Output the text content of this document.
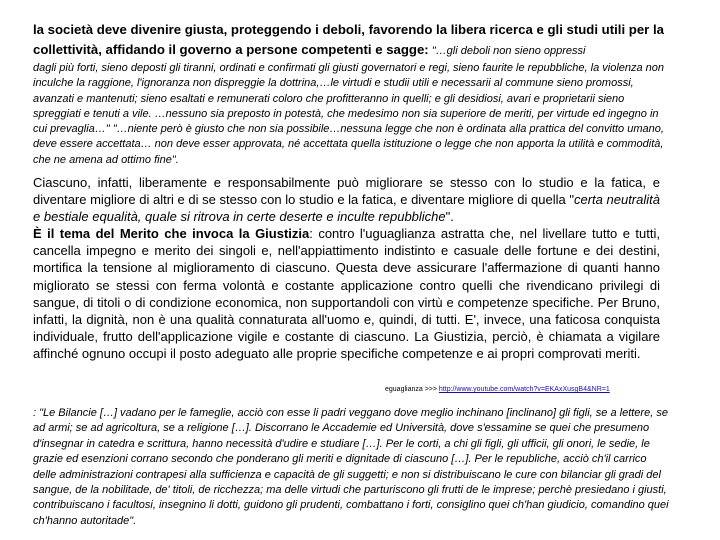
la società deve divenire giusta, proteggendo i deboli, favorendo la libera ricerca e gli studi utili per la collettività, affidando il governo a persone competenti e sagge: "…gli deboli non sieno oppressi
dagli più forti, sieno deposti gli tiranni, ordinati e confirmati gli giusti governatori e regi, sieno faurite le repubbliche, la violenza non inculche la raggione, l'ignoranza non dispreggie la dottrina,…le virtudi e studii utili e necessarii al commune sieno promossi, avanzati e mantenuti; sieno esaltati e remunerati coloro che profitteranno in quelli; e gli desidiosi, avari e proprietarii sieno spreggiati e tenuti a vile. …nessuno sia preposto in potestà, che medesimo non sia superiore de meriti, per virtude ed ingegno in cui prevaglia…" "…niente però è giusto che non sia possibile…nessuna legge che non è ordinata alla prattica del convitto umano, deve essere accettata… non deve esser approvata, né accettata quella istituzione o legge che non apporta la utilità e commodità, che ne amena ad ottimo fine".
Ciascuno, infatti, liberamente e responsabilmente può migliorare se stesso con lo studio e la fatica, e diventare migliore di altri e di se stesso con lo studio e la fatica, e diventare migliore di quella "certa neutralità e bestiale equalità, quale si ritrova in certe deserte e inculte repubbliche".
È il tema del Merito che invoca la Giustizia: contro l'uguaglianza astratta che, nel livellare tutto e tutti, cancella impegno e merito dei singoli e, nell'appiattimento indistinto e casuale delle fortune e dei destini, mortifica la tensione al miglioramento di ciascuno. Questa deve assicurare l'affermazione di quanti hanno migliorato se stessi con ferma volontà e costante applicazione contro quelli che rivendicano privilegi di sangue, di titoli o di condizione economica, non supportandoli con virtù e competenze specifiche. Per Bruno, infatti, la dignità, non è una qualità connaturata all'uomo e, quindi, di tutti. E', invece, una faticosa conquista individuale, frutto dell'applicazione vigile e costante di ciascuno. La Giustizia, perciò, è chiamata a vigilare affinché ognuno occupi il posto adeguato alle proprie specifiche competenze e ai propri comprovati meriti.
eguaglianza >>> http://www.youtube.com/watch?v=EKAxXusgB4&NR=1
: "Le Bilancie […] vadano per le fameglie, acciò con esse li padri veggano dove meglio inchinano [inclinano] gli figli, se a lettere, se ad armi; se ad agricoltura, se a religione […]. Discorrano le Accademie ed Università, dove s'essamine se quei che presumeno d'insegnar in catedra e scrittura, hanno necessità d'udire e studiare […]. Per le corti, a chi gli figli, gli ufficii, gli onori, le sedie, le grazie ed esenzioni corrano secondo che ponderano gli meriti e dignitade di ciascuno […]. Per le republiche, acciò ch'il carrico delle administrazioni contrapesi alla sufficienza e capacità de gli suggetti; e non si distribuiscano le cure con bilanciar gli gradi del sangue, de la nobilitade, de' titoli, de ricchezza; ma delle virtudi che parturiscono gli frutti de le imprese; perchè presiedano i giusti, contribuiscano i facultosi, insegnino li dotti, guidono gli prudenti, combattano i forti, consiglino quei ch'han giudicio, comandino quei ch'hanno autoritade".
